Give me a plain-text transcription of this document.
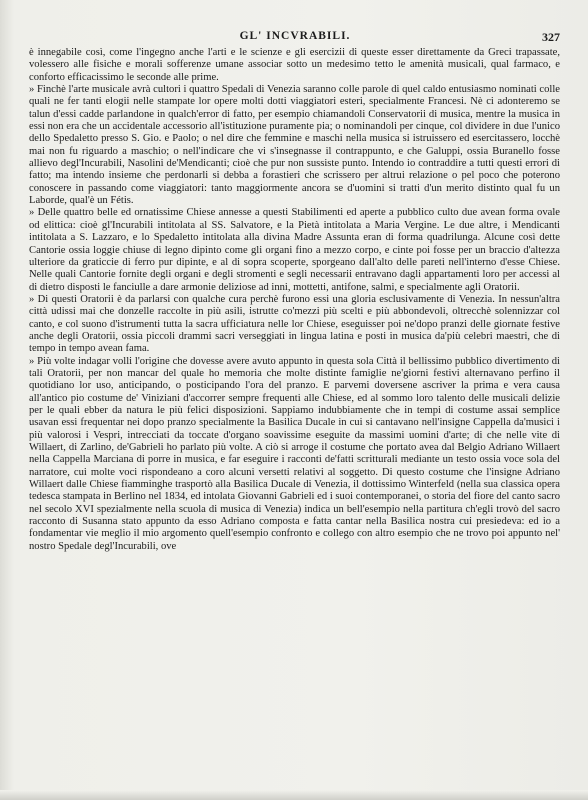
GL' INCVRABILI.	327

è innegabile così, come l'ingegno anche l'arti e le scienze e gli esercizii di queste esser direttamente da Greci trapassate, volessero alle fisiche e morali sofferenze umane associar sotto un medesimo tetto le amenità musicali, qual farmaco, e conforto efficacissimo le seconde alle prime.

» Finchè l'arte musicale avrà cultori i quattro Spedali di Venezia saranno colle parole di quel caldo entusiasmo nominati colle quali ne fer tanti elogii nelle stampate lor opere molti dotti viaggiatori esteri, specialmente Francesi. Nè ci adonteremo se talun d'essi cadde parlandone in qualch'error di fatto, per esempio chiamandoli Conservatorii di musica, mentre la musica in essi non era che un accidentale accessorio all'istituzione puramente pia; o nominandoli per cinque, col dividere in due l'unico dello Spedaletto presso S. Gio. e Paolo; o nel dire che femmine e maschi nella musica si istruissero ed esercitassero, locchè mai non fu riguardo a maschio; o nell'indicare che vi s'insegnasse il contrappunto, e che Galuppi, ossia Buranello fosse allievo degl'Incurabili, Nasolini de'Mendicanti; cioè che pur non sussiste punto. Intendo io contraddire a tutti questi errori di fatto; ma intendo insieme che perdonarli si debba a forastieri che scrissero per altrui relazione o pel poco che poterono conoscere in passando come viaggiatori: tanto maggiormente ancora se d'uomini si tratti d'un merito distinto qual fu un Laborde, qual'è un Fétis.

» Delle quattro belle ed ornatissime Chiese annesse a questi Stabilimenti ed aperte a pubblico culto due avean forma ovale od elittica: cioè gl'Incurabili intitolata al SS. Salvatore, e la Pietà intitolata a Maria Vergine. Le due altre, i Mendicanti intitolata a S. Lazzaro, e lo Spedaletto intitolata alla divina Madre Assunta eran di forma quadrilunga. Alcune così dette Cantorie ossia loggie chiuse di legno dipinto come gli organi fino a mezzo corpo, e cinte poi fosse per un braccio d'altezza ulteriore da graticcie di ferro pur dipinte, e al di sopra scoperte, sporgeano dall'alto delle pareti nell'interno d'esse Chiese. Nelle quali Cantorie fornite degli organi e degli stromenti e segli necessarii entravano dagli appartamenti loro per accessi al di dietro disposti le fanciulle a dare armonie deliziose ad inni, mottetti, antifone, salmi, e specialmente agli Oratorii.

» Di questi Oratorii è da parlarsi con qualche cura perchè furono essi una gloria esclusivamente di Venezia. In nessun'altra città udissi mai che donzelle raccolte in più asili, istrutte co'mezzi più scelti e più abbondevoli, oltrecchè solennizzar col canto, e col suono d'istrumenti tutta la sacra ufficiatura nelle lor Chiese, eseguisser poi ne'dopo pranzi delle giornate festive anche degli Oratorii, ossia piccoli drammi sacri verseggiati in lingua latina e posti in musica da'più celebri maestri, che di tempo in tempo avean fama.

» Più volte indagar volli l'origine che dovesse avere avuto appunto in questa sola Città il bellissimo pubblico divertimento di tali Oratorii, per non mancar del quale ho memoria che molte distinte famiglie ne'giorni festivi alternavano perfino il quotidiano lor uso, anticipando, o posticipando l'ora del pranzo. E parvemi doversene ascriver la prima e vera causa all'antico pio costume de' Viniziani d'accorrer sempre frequenti alle Chiese, ed al sommo loro talento delle musicali delizie per le quali ebber da natura le più felici disposizioni. Sappiamo indubbiamente che in tempi di costume assai semplice usavan essi frequentar nei dopo pranzo specialmente la Basilica Ducale in cui si cantavano nell'insigne Cappella da'musici i più valorosi i Vespri, intrecciati da toccate d'organo soavissime eseguite da massimi uomini d'arte; di che nelle vite di Willaert, di Zarlino, de'Gabrieli ho parlato più volte. A ciò si arroge il costume che portato avea dal Belgio Adriano Willaert nella Cappella Marciana di porre in musica, e far eseguire i racconti de'fatti scritturali mediante un testo ossia voce sola del narratore, cui molte voci rispondeano a coro alcuni versetti relativi al soggetto. Di questo costume che l'insigne Adriano Willaert dalle Chiese fiamminghe trasportò alla Basilica Ducale di Venezia, il dottissimo Winterfeld (nella sua classica opera tedesca stampata in Berlino nel 1834, ed intolata Giovanni Gabrieli ed i suoi contemporanei, o storia del fiore del canto sacro nel secolo XVI spezialmente nella scuola di musica di Venezia) indica un bell'esempio nella partitura ch'egli trovò del sacro racconto di Susanna stato appunto da esso Adriano composta e fatta cantar nella Basilica nostra cui presiedeva: ed io a fondamentar vie meglio il mio argomento quell'esempio confronto e collego con altro esempio che ne trovo poi appunto nel' nostro Spedale degl'Incurabili, ove
